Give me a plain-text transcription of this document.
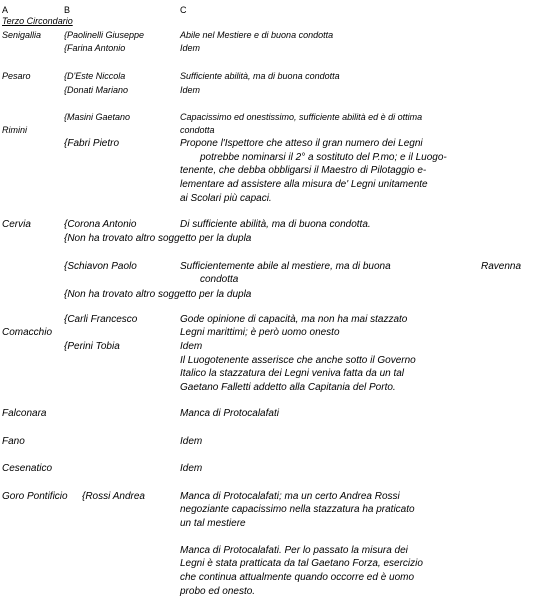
A	B	C
Terzo Circondario
Senigallia	{Paolinelli Giuseppe	Abile nel Mestiere e di buona condotta
{Farina Antonio	Idem
Pesaro	{D'Este Niccola	Sufficiente abilità, ma di buona condotta
{Donati Mariano	Idem
{Masini Gaetano	Capacissimo ed onestissimo, sufficiente abilità ed è di ottima
Rimini	condotta
{Fabri Pietro	Propone l'Ispettore che atteso il gran numero dei Legni
potrebbe nominarsi il 2° a sostituto del P.mo; e il Luogo-
tenente, che debba obbligarsi il Maestro di Pilotaggio e-
lementare ad assistere alla misura de' Legni unitamente
ai Scolari più capaci.
Cervia	{Corona Antonio	Di sufficiente abilità, ma di buona condotta.
{Non ha trovato altro soggetto per la dupla
{Schiavon Paolo	Sufficientemente abile al mestiere, ma di buona	Ravenna
condotta
{Non ha trovato altro soggetto per la dupla
{Carli Francesco	Gode opinione di capacità, ma non ha mai stazzato
Comacchio	Legni marittimi; è però uomo onesto
{Perini Tobia	Idem
Il Luogotenente asserisce che anche sotto il Governo
Italico la stazzatura dei Legni veniva fatta da un tal
Gaetano Falletti addetto alla Capitania del Porto.
Falconara	Manca di Protocalafati
Fano	Idem
Cesenatico	Idem
Goro Pontificio {Rossi Andrea	Manca di Protocalafati; ma un certo Andrea Rossi
negoziante capacissimo nella stazzatura ha praticato
un tal mestiere
Manca di Protocalafati. Per lo passato la misura dei
Legni è stata pratticata da tal Gaetano Forza, esercizio
che continua attualmente quando occorre ed è uomo
probo ed onesto.
